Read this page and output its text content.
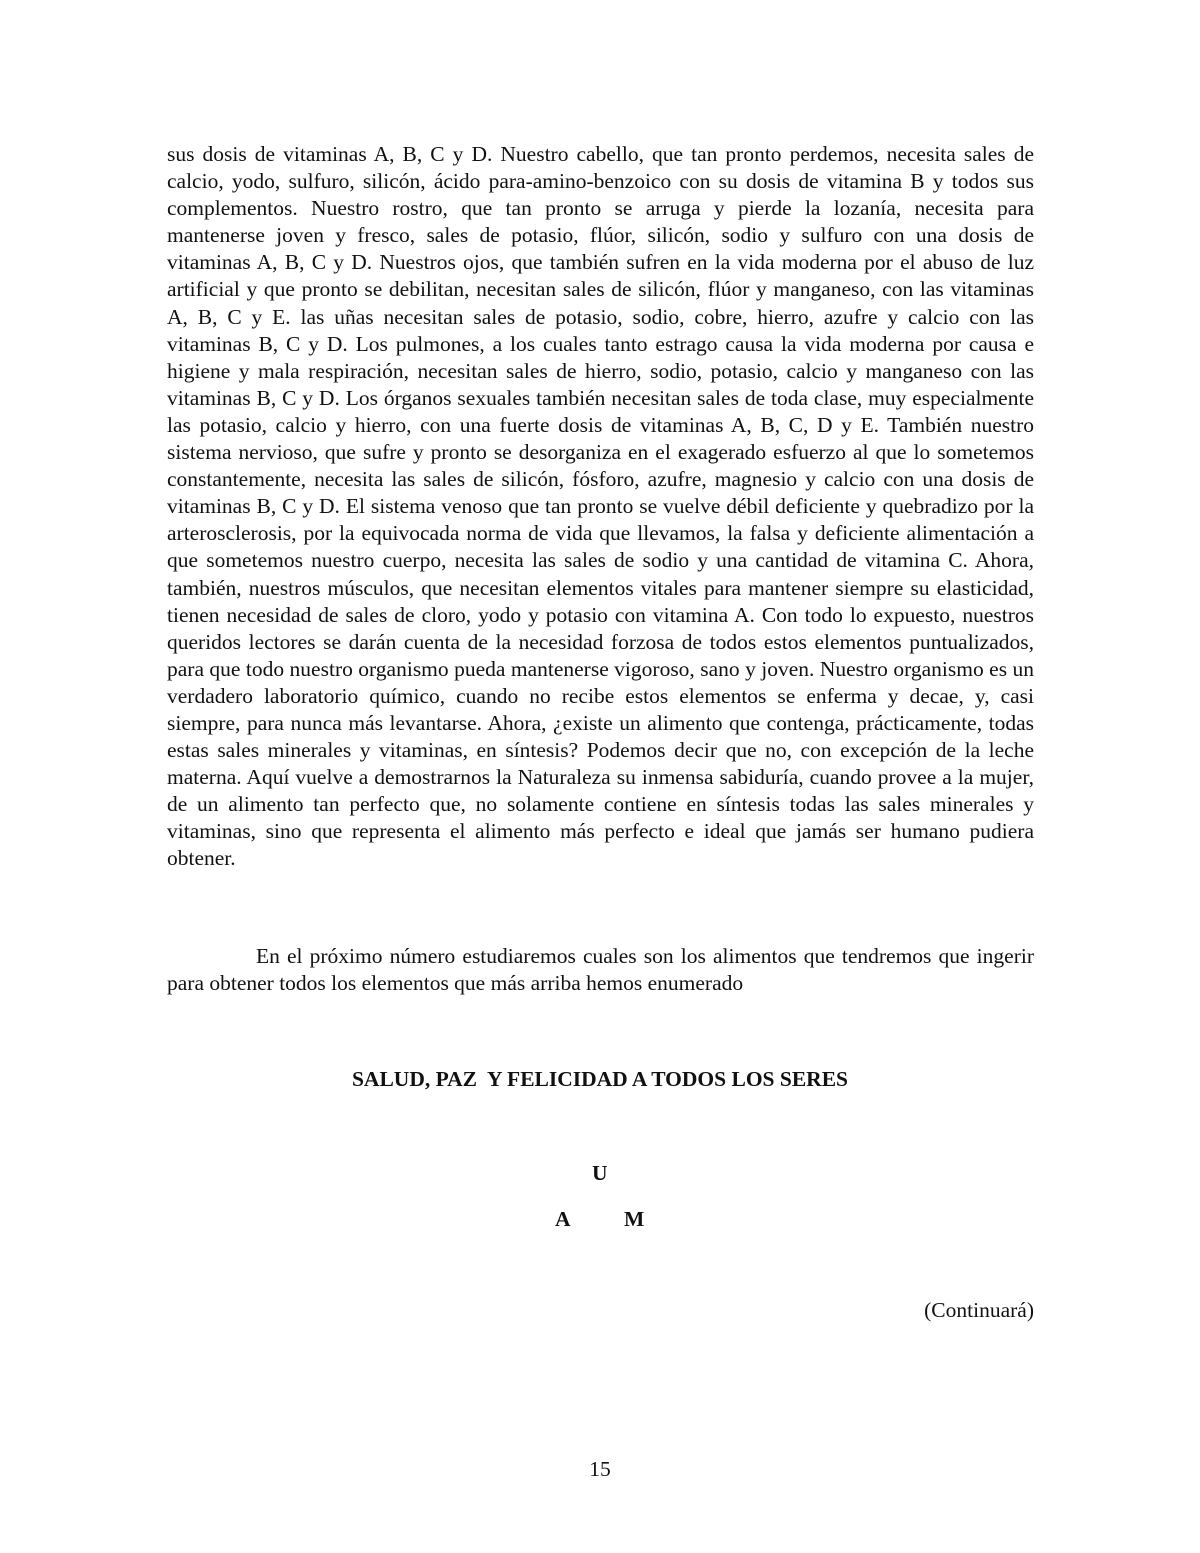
sus dosis de vitaminas A, B, C y D. Nuestro cabello, que tan pronto perdemos, necesita sales de calcio, yodo, sulfuro, silicón, ácido para-amino-benzoico con su dosis de vitamina B y todos sus complementos. Nuestro rostro, que tan pronto se arruga y pierde la lozanía, necesita para mantenerse joven y fresco, sales de potasio, flúor, silicón, sodio y sulfuro con una dosis de vitaminas A, B, C y D. Nuestros ojos, que también sufren en la vida moderna por el abuso de luz artificial y que pronto se debilitan, necesitan sales de silicón, flúor y manganeso, con las vitaminas A, B, C y E. las uñas necesitan sales de potasio, sodio, cobre, hierro, azufre y calcio con las vitaminas B, C y D. Los pulmones, a los cuales tanto estrago causa la vida moderna por causa e higiene y mala respiración, necesitan sales de hierro, sodio, potasio, calcio y manganeso con las vitaminas B, C y D. Los órganos sexuales también necesitan sales de toda clase, muy especialmente las potasio, calcio y hierro, con una fuerte dosis de vitaminas A, B, C, D y E. También nuestro sistema nervioso, que sufre y pronto se desorganiza en el exagerado esfuerzo al que lo sometemos constantemente, necesita las sales de silicón, fósforo, azufre, magnesio y calcio con una dosis de vitaminas B, C y D. El sistema venoso que tan pronto se vuelve débil deficiente y quebradizo por la arterosclerosis, por la equivocada norma de vida que llevamos, la falsa y deficiente alimentación a que sometemos nuestro cuerpo, necesita las sales de sodio y una cantidad de vitamina C. Ahora, también, nuestros músculos, que necesitan elementos vitales para mantener siempre su elasticidad, tienen necesidad de sales de cloro, yodo y potasio con vitamina A. Con todo lo expuesto, nuestros queridos lectores se darán cuenta de la necesidad forzosa de todos estos elementos puntualizados, para que todo nuestro organismo pueda mantenerse vigoroso, sano y joven. Nuestro organismo es un verdadero laboratorio químico, cuando no recibe estos elementos se enferma y decae, y, casi siempre, para nunca más levantarse. Ahora, ¿existe un alimento que contenga, prácticamente, todas estas sales minerales y vitaminas, en síntesis? Podemos decir que no, con excepción de la leche materna. Aquí vuelve a demostrarnos la Naturaleza su inmensa sabiduría, cuando provee a la mujer, de un alimento tan perfecto que, no solamente contiene en síntesis todas las sales minerales y vitaminas, sino que representa el alimento más perfecto e ideal que jamás ser humano pudiera obtener.

En el próximo número estudiaremos cuales son los alimentos que tendremos que ingerir para obtener todos los elementos que más arriba hemos enumerado

SALUD, PAZ  Y FELICIDAD A TODOS LOS SERES

U
A M
(Continuará)
15
